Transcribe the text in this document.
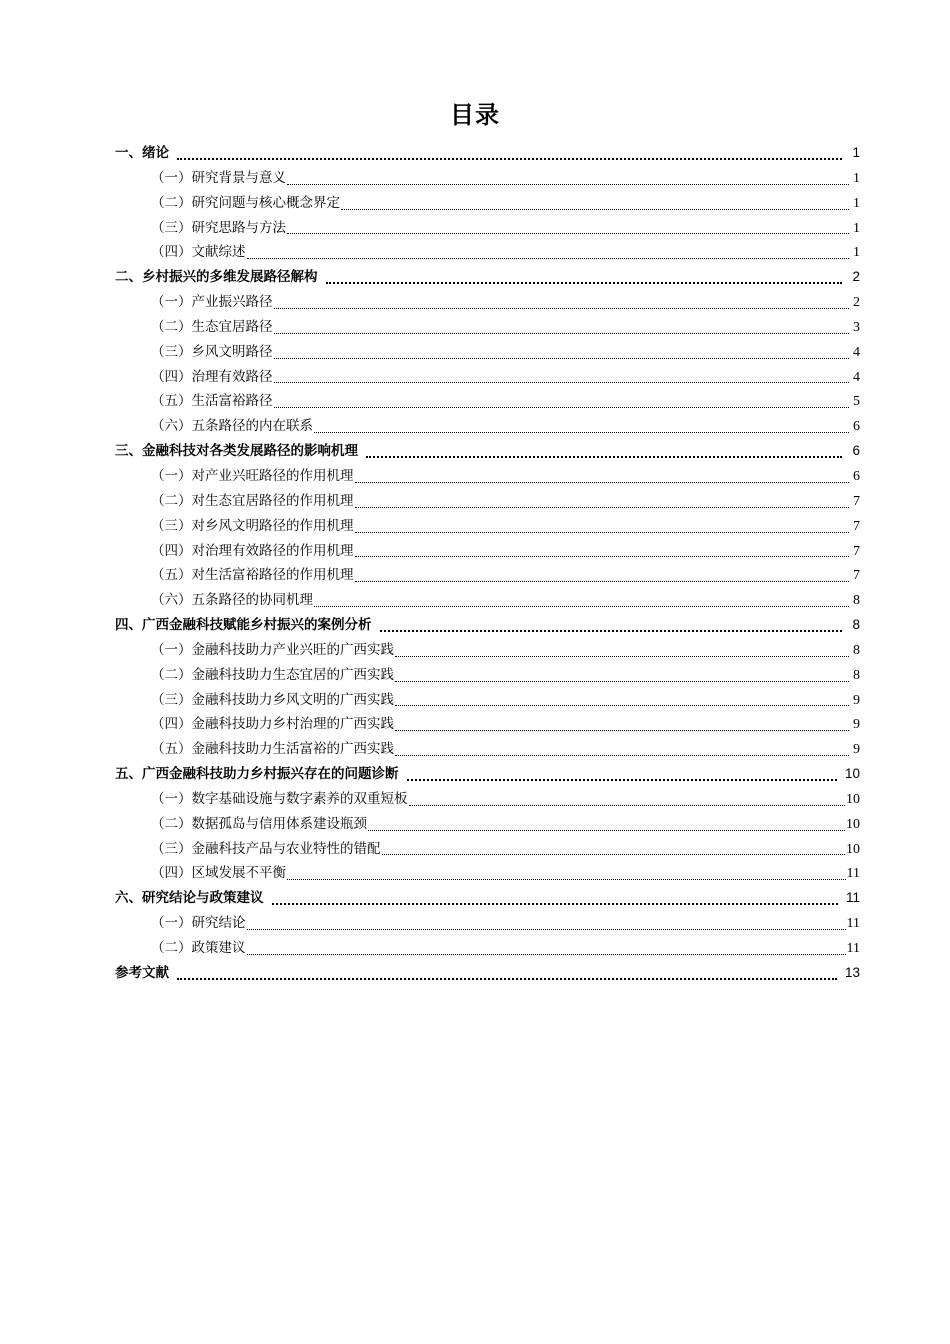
目录
一、绪论	1
（一）研究背景与意义	1
（二）研究问题与核心概念界定	1
（三）研究思路与方法	1
（四）文献综述	1
二、乡村振兴的多维发展路径解构	2
（一）产业振兴路径	2
（二）生态宜居路径	3
（三）乡风文明路径	4
（四）治理有效路径	4
（五）生活富裕路径	5
（六）五条路径的内在联系	6
三、金融科技对各类发展路径的影响机理	6
（一）对产业兴旺路径的作用机理	6
（二）对生态宜居路径的作用机理	7
（三）对乡风文明路径的作用机理	7
（四）对治理有效路径的作用机理	7
（五）对生活富裕路径的作用机理	7
（六）五条路径的协同机理	8
四、广西金融科技赋能乡村振兴的案例分析	8
（一）金融科技助力产业兴旺的广西实践	8
（二）金融科技助力生态宜居的广西实践	8
（三）金融科技助力乡风文明的广西实践	9
（四）金融科技助力乡村治理的广西实践	9
（五）金融科技助力生活富裕的广西实践	9
五、广西金融科技助力乡村振兴存在的问题诊断	10
（一）数字基础设施与数字素养的双重短板	10
（二）数据孤岛与信用体系建设瓶颈	10
（三）金融科技产品与农业特性的错配	10
（四）区域发展不平衡	11
六、研究结论与政策建议	11
（一）研究结论	11
（二）政策建议	11
参考文献	13
